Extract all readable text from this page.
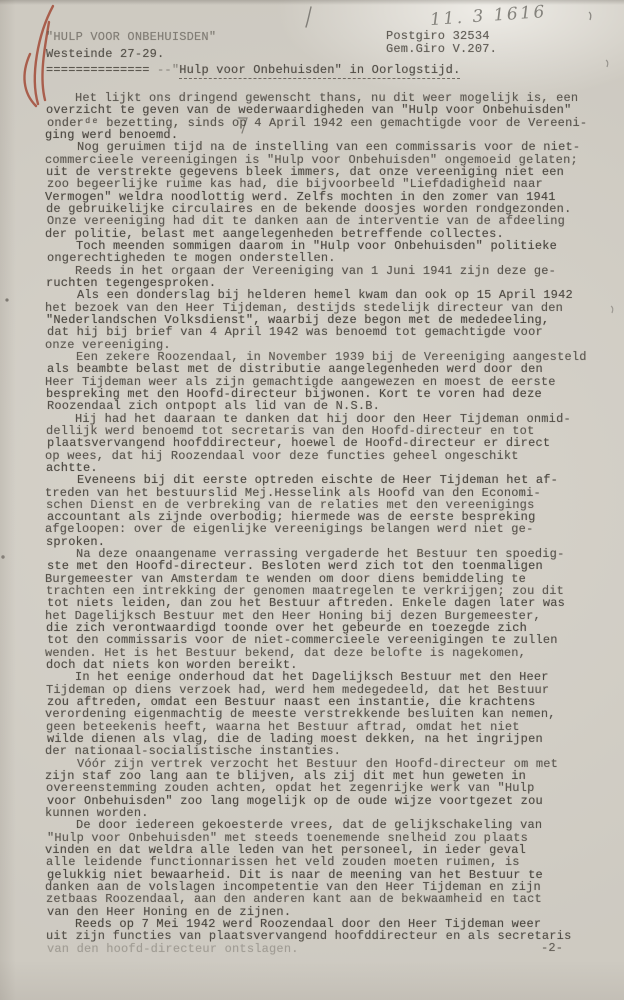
11. 3 1616
"HULP VOOR ONBEHUISDEN"
Westeinde 27-29.
Postgiro 32534
Gem.Giro V.207.
============== --"Hulp voor Onbehuisden" in Oorlogstijd.
Het lijkt ons dringend gewenscht thans, nu dit weer mogelijk is, een
overzicht te geven van de wederwaardigheden van "Hulp voor Onbehuisden"
onderᵈᵉ bezetting, sinds op 4 April 1942 een gemachtigde voor de Vereeni-
ging werd benoemd.
Nog geruimen tijd na de instelling van een commissaris voor de niet-
commercieele vereenigingen is "Hulp voor Onbehuisden" ongemoeid gelaten;
uit de verstrekte gegevens bleek immers, dat onze vereeniging niet een
zoo begeerlijke ruime kas had, die bijvoorbeeld "Liefdadigheid naar
Vermogen" weldra noodlottig werd. Zelfs mochten in den zomer van 1941
de gebruikelijke circulaires en de bekende doosjes worden rondgezonden.
Onze vereeniging had dit te danken aan de interventie van de afdeeling
der politie, belast met aangelegenheden betreffende collectes.
Toch meenden sommigen daarom in "Hulp voor Onbehuisden" politieke
ongerechtigheden te mogen onderstellen.
Reeds in het orgaan der Vereeniging van 1 Juni 1941 zijn deze ge-
ruchten tegengesproken.
Als een donderslag bij helderen hemel kwam dan ook op 15 April 1942
het bezoek van den Heer Tijdeman, destijds stedelijk directeur van den
"Nederlandschen Volksdienst", waarbij deze begon met de mededeeling,
dat hij bij brief van 4 April 1942 was benoemd tot gemachtigde voor
onze vereeniging.
Een zekere Roozendaal, in November 1939 bij de Vereeniging aangesteld
als beambte belast met de distributie aangelegenheden werd door den
Heer Tijdeman weer als zijn gemachtigde aangewezen en moest de eerste
bespreking met den Hoofd-directeur bijwonen. Kort te voren had deze
Roozendaal zich ontpopt als lid van de N.S.B.
Hij had het daaraan te danken dat hij door den Heer Tijdeman onmid-
dellijk werd benoemd tot secretaris van den Hoofd-directeur en tot
plaatsvervangend hoofddirecteur, hoewel de Hoofd-directeur er direct
op wees, dat hij Roozendaal voor deze functies geheel ongeschikt
achtte.
Eveneens bij dit eerste optreden eischte de Heer Tijdeman het af-
treden van het bestuurslid Mej.Hesselink als Hoofd van den Economi-
schen Dienst en de verbreking van de relaties met den vereenigings
accountant als zijnde overbodig; hiermede was de eerste bespreking
afgeloopen: over de eigenlijke vereenigings belangen werd niet ge-
sproken.
Na deze onaangename verrassing vergaderde het Bestuur ten spoedig-
ste met den Hoofd-directeur. Besloten werd zich tot den toenmaligen
Burgemeester van Amsterdam te wenden om door diens bemiddeling te
trachten een intrekking der genomen maatregelen te verkrijgen; zou dit
tot niets leiden, dan zou het Bestuur aftreden. Enkele dagen later was
het Dagelijksch Bestuur met den Heer Honing bij dezen Burgemeester,
die zich verontwaardigd toonde over het gebeurde en toezegde zich
tot den commissaris voor de niet-commercieele vereenigingen te zullen
wenden. Het is het Bestuur bekend, dat deze belofte is nagekomen,
doch dat niets kon worden bereikt.
In het eenige onderhoud dat het Dagelijksch Bestuur met den Heer
Tijdeman op diens verzoek had, werd hem medegedeeld, dat het Bestuur
zou aftreden, omdat een Bestuur naast een instantie, die krachtens
verordening eigenmachtig de meeste verstrekkende besluiten kan nemen,
geen beteekenis heeft, waarna het Bestuur aftrad, omdat het niet
wilde dienen als vlag, die de lading moest dekken, na het ingrijpen
der nationaal-socialistische instanties.
Vóór zijn vertrek verzocht het Bestuur den Hoofd-directeur om met
zijn staf zoo lang aan te blijven, als zij dit met hun geweten in
overeenstemming zouden achten, opdat het zegenrijke werk van "Hulp
voor Onbehuisden" zoo lang mogelijk op de oude wijze voortgezet zou
kunnen worden.
De door iedereen gekoesterde vrees, dat de gelijkschakeling van
"Hulp voor Onbehuisden" met steeds toenemende snelheid zou plaats
vinden en dat weldra alle leden van het personeel, in ieder geval
alle leidende functionnarissen het veld zouden moeten ruimen, is
gelukkig niet bewaarheid. Dit is naar de meening van het Bestuur te
danken aan de volslagen incompetentie van den Heer Tijdeman en zijn
zetbaas Roozendaal, aan den anderen kant aan de bekwaamheid en tact
van den Heer Honing en de zijnen.
Reeds op 7 Mei 1942 werd Roozendaal door den Heer Tijdeman weer
uit zijn functies van plaatsvervangend hoofddirecteur en als secretaris
van den hoofd-directeur ontslagen.	-2-
